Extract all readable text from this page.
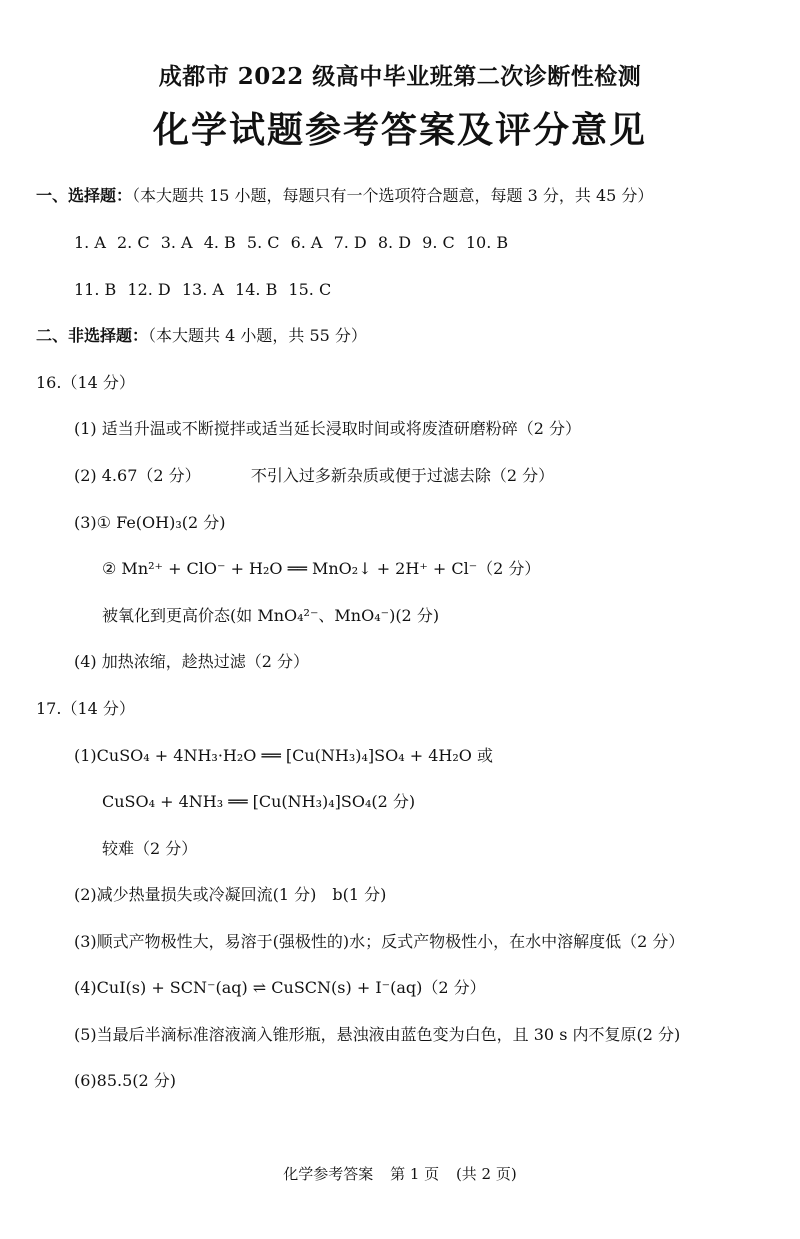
成都市 2022 级高中毕业班第二次诊断性检测
化学试题参考答案及评分意见
一、选择题：（本大题共 15 小题，每题只有一个选项符合题意，每题 3 分，共 45 分）
1. A 2. C 3. A 4. B 5. C 6. A 7. D 8. D 9. C 10. B
11. B 12. D 13. A 14. B 15. C
二、非选择题：（本大题共 4 小题，共 55 分）
16.（14 分）
(1) 适当升温或不断搅拌或适当延长浸取时间或将废渣研磨粉碎（2 分）
(2) 4.67（2 分）	不引入过多新杂质或便于过滤去除（2 分）
(3)① Fe(OH)₃(2 分)
② Mn²⁺ + ClO⁻ + H₂O ══ MnO₂↓ + 2H⁺ + Cl⁻（2 分）
被氧化到更高价态(如 MnO₄²⁻、MnO₄⁻)(2 分)
(4) 加热浓缩，趁热过滤（2 分）
17.（14 分）
(1)CuSO₄ + 4NH₃·H₂O ══ [Cu(NH₃)₄]SO₄ + 4H₂O 或
CuSO₄ + 4NH₃ ══ [Cu(NH₃)₄]SO₄(2 分)
较难（2 分）
(2)减少热量损失或冷凝回流(1 分)　b(1 分)
(3)顺式产物极性大，易溶于(强极性的)水；反式产物极性小，在水中溶解度低（2 分）
(4)CuI(s) + SCN⁻(aq) ⇌ CuSCN(s) + I⁻(aq)（2 分）
(5)当最后半滴标准溶液滴入锥形瓶，悬浊液由蓝色变为白色，且 30 s 内不复原(2 分)
(6)85.5(2 分)
化学参考答案 第 1 页 (共 2 页)
